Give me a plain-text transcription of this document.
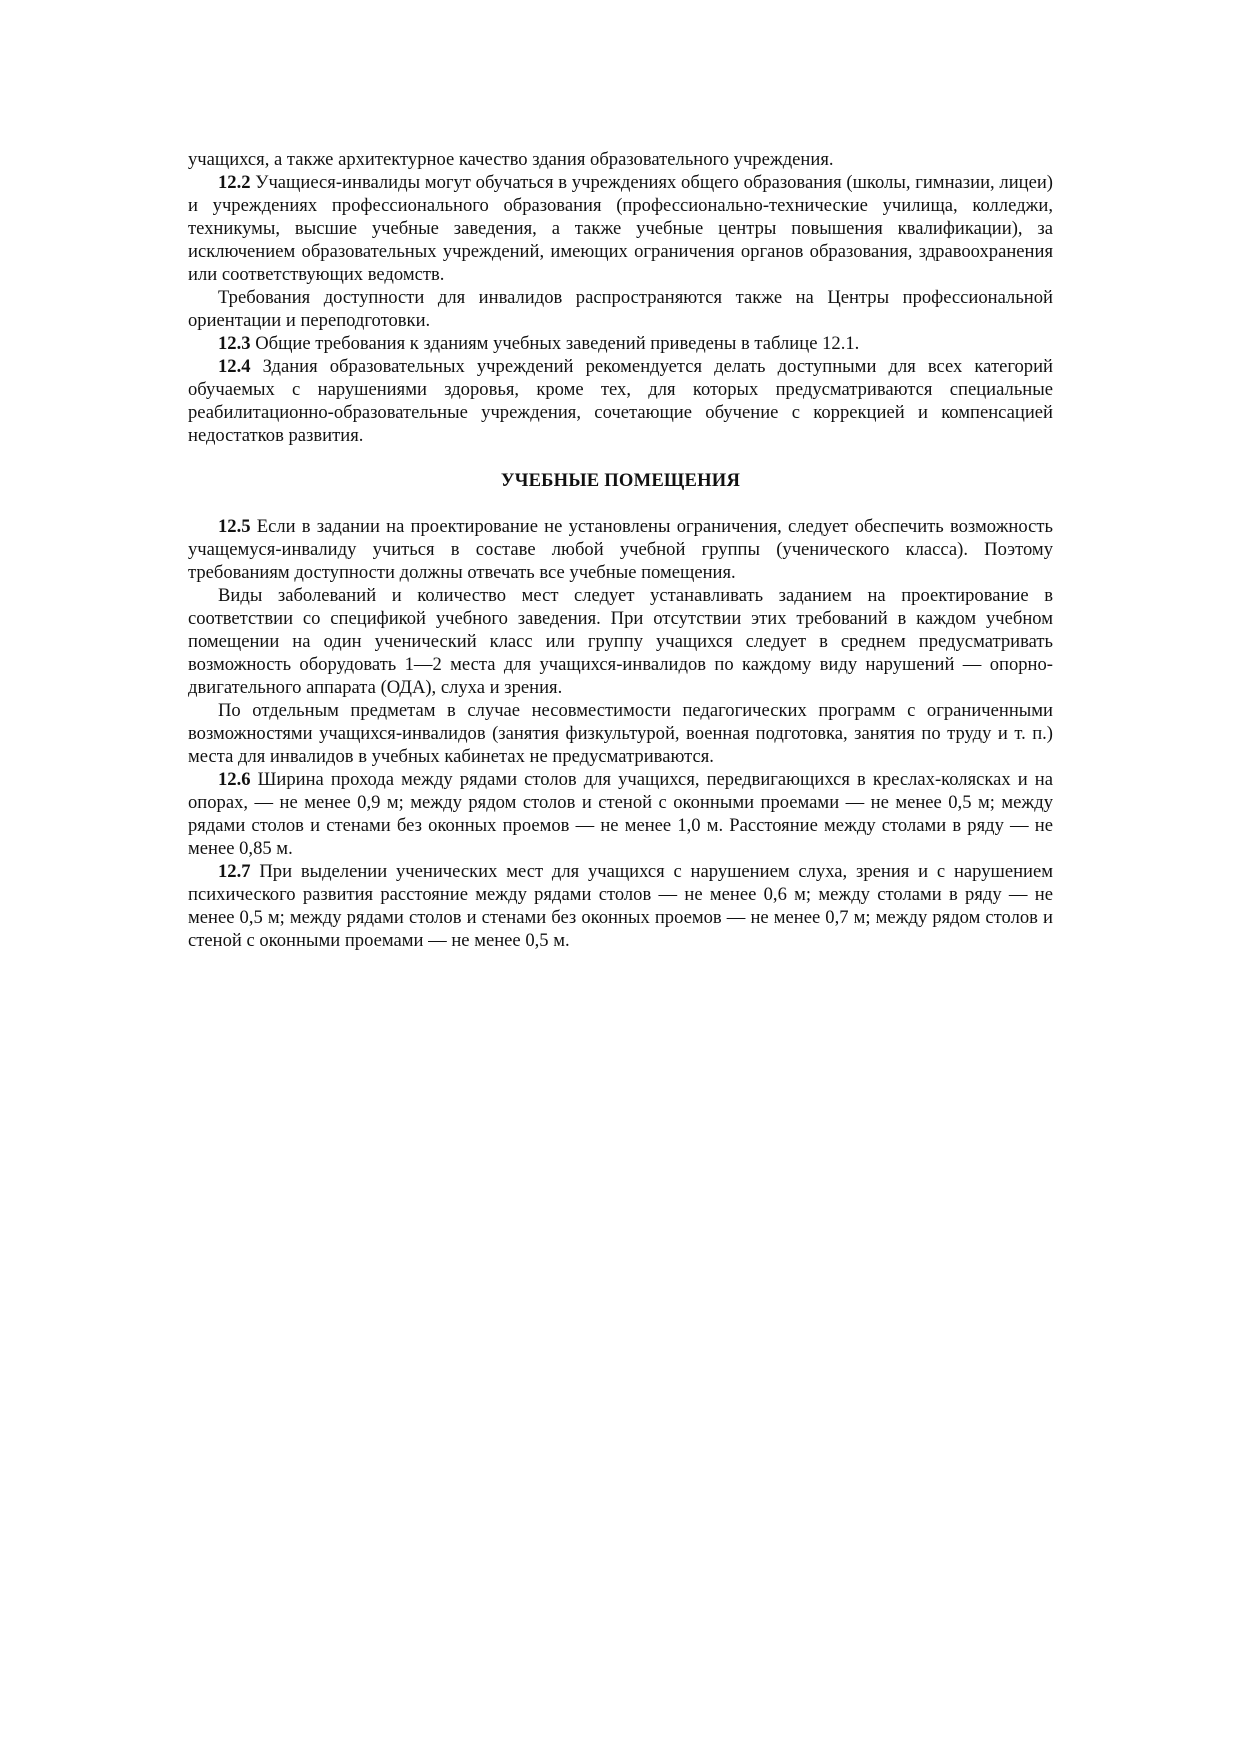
учащихся, а также архитектурное качество здания образовательного учреждения.

12.2 Учащиеся-инвалиды могут обучаться в учреждениях общего образования (школы, гимназии, лицеи) и учреждениях профессионального образования (профессионально-технические училища, колледжи, техникумы, высшие учебные заведения, а также учебные центры повышения квалификации), за исключением образовательных учреждений, имеющих ограничения органов образования, здравоохранения или соответствующих ведомств.

Требования доступности для инвалидов распространяются также на Центры профессиональной ориентации и переподготовки.

12.3 Общие требования к зданиям учебных заведений приведены в таблице 12.1.

12.4 Здания образовательных учреждений рекомендуется делать доступными для всех категорий обучаемых с нарушениями здоровья, кроме тех, для которых предусматриваются специальные реабилитационно-образовательные учреждения, сочетающие обучение с коррекцией и компенсацией недостатков развития.

УЧЕБНЫЕ ПОМЕЩЕНИЯ

12.5 Если в задании на проектирование не установлены ограничения, следует обеспечить возможность учащемуся-инвалиду учиться в составе любой учебной группы (ученического класса). Поэтому требованиям доступности должны отвечать все учебные помещения.

Виды заболеваний и количество мест следует устанавливать заданием на проектирование в соответствии со спецификой учебного заведения. При отсутствии этих требований в каждом учебном помещении на один ученический класс или группу учащихся следует в среднем предусматривать возможность оборудовать 1—2 места для учащихся-инвалидов по каждому виду нарушений — опорно-двигательного аппарата (ОДА), слуха и зрения.

По отдельным предметам в случае несовместимости педагогических программ с ограниченными возможностями учащихся-инвалидов (занятия физкультурой, военная подготовка, занятия по труду и т. п.) места для инвалидов в учебных кабинетах не предусматриваются.

12.6 Ширина прохода между рядами столов для учащихся, передвигающихся в креслах-колясках и на опорах, — не менее 0,9 м; между рядом столов и стеной с оконными проемами — не менее 0,5 м; между рядами столов и стенами без оконных проемов — не менее 1,0 м. Расстояние между столами в ряду — не менее 0,85 м.

12.7 При выделении ученических мест для учащихся с нарушением слуха, зрения и с нарушением психического развития расстояние между рядами столов — не менее 0,6 м; между столами в ряду — не менее 0,5 м; между рядами столов и стенами без оконных проемов — не менее 0,7 м; между рядом столов и стеной с оконными проемами — не менее 0,5 м.
